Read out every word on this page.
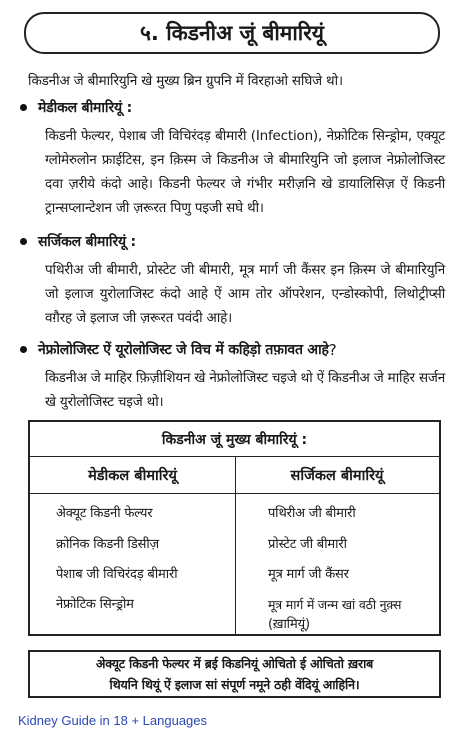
५. किडनीअ जूं बीमारियूं
किडनीअ जे बीमारियुनि खे मुख्य ब्रिन ग्रुपनि में विरहाओ सघिजे थो।
मेडीकल बीमारियूं :
किडनी फेल्यर, पेशाब जी विचिरंदड़ बीमारी (Infection), नेफ्रोटिक सिन्ड्रोम, एक्यूट ग्लोमेरुलोन फ्राईटिस, इन क़िस्म जे किडनीअ जे बीमारियुनि जो इलाज नेफ्रोलोजिस्ट दवा ज़रीये कंदो आहे। किडनी फेल्यर जे गंभीर मरीज़नि खे डायालिसिज़ ऐं किडनी ट्रान्सप्लान्टेशन जी ज़रूरत पिणु पइजी सघे थी।
सर्जिकल बीमारियूं :
पथिरीअ जी बीमारी, प्रोस्टेट जी बीमारी, मूत्र मार्ग जी कैंसर इन क़िस्म जे बीमारियुनि जो इलाज युरोलाजिस्ट कंदो आहे ऐं आम तोर ऑपरेशन, एन्डोस्कोपी, लिथोट्रीप्सी वग़ैरह जे इलाज जी ज़रूरत पवंदी आहे।
नेफ्रोलोजिस्ट ऐं यूरोलोजिस्ट जे विच में कहिड़ो तफ़ावत आहे ?
किडनीअ जे माहिर फ़िज़ीशियन खे नेफ्रोलोजिस्ट चइजे थो ऐं किडनीअ जे माहिर सर्जन खे युरोलोजिस्ट चइजे थो।
किडनीअ जूं मुख्य बीमारियूं :
मेडीकल बीमारियूं	सर्जिकल बीमारियूं
अेक्यूट किडनी फेल्यर
क्रोनिक किडनी डिसीज़
पेशाब जी विचिरंदड़ बीमारी
नेफ्रोटिक सिन्ड्रोम
पथिरीअ जी बीमारी
प्रोस्टेट जी बीमारी
मूत्र मार्ग जी कैंसर
मूत्र मार्ग में जन्म खां वठी नुक़्स
(ख़ामियूं)
अेक्यूट किडनी फेल्यर में ब्रई किडनियूं ओचितो ई ओचितो ख़राब
थियनि थियूं ऐं इलाज सां संपूर्ण नमूने ठही वेंदियूं आहिनि।
Kidney Guide in 18 + Languages
